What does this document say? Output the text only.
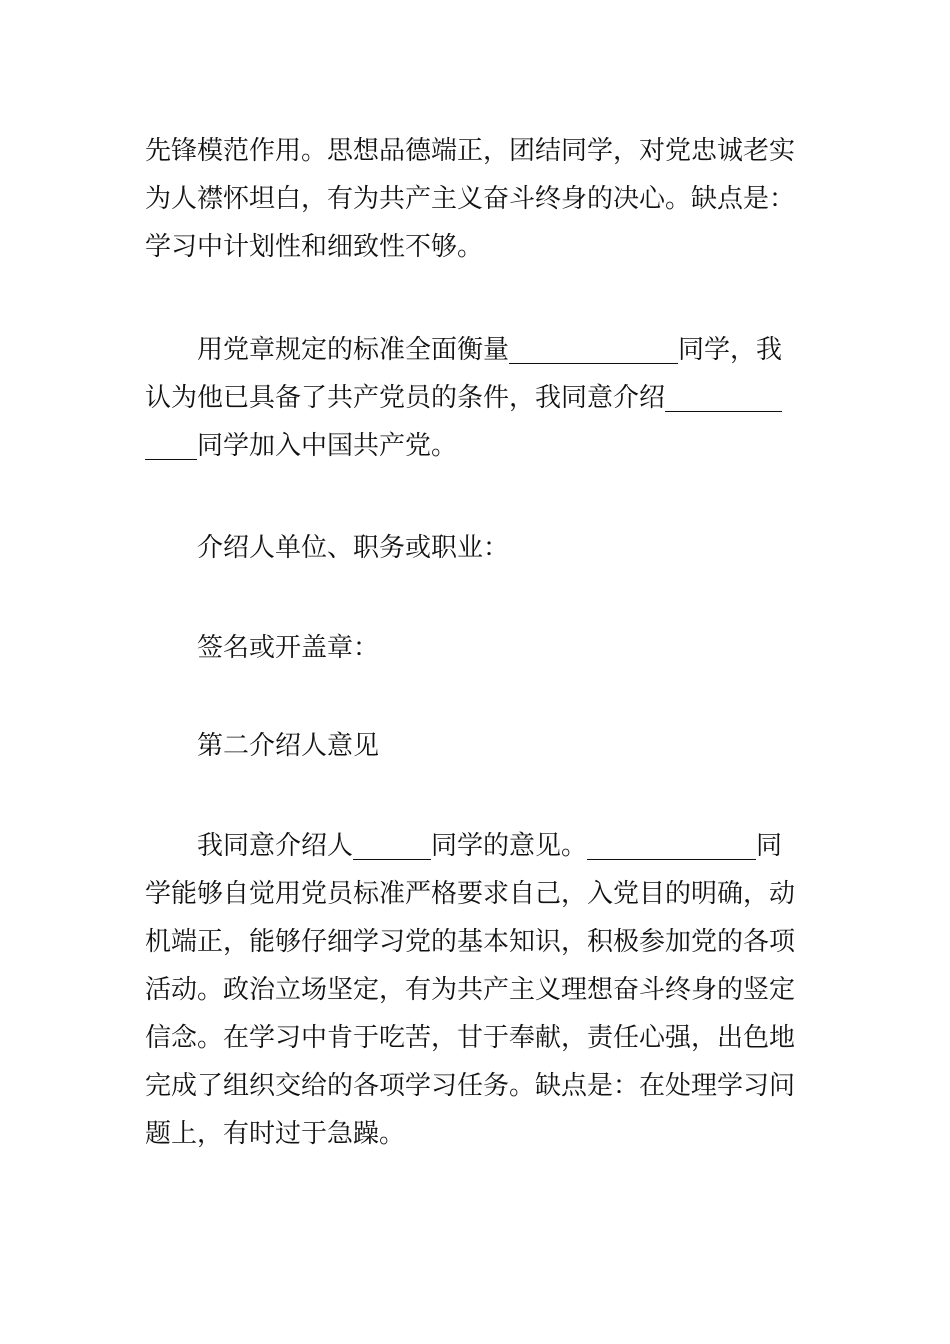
先锋模范作用。思想品德端正，团结同学，对党忠诚老实
为人襟怀坦白，有为共产主义奋斗终身的决心。缺点是：
学习中计划性和细致性不够。
用党章规定的标准全面衡量_____________同学，我
认为他已具备了共产党员的条件，我同意介绍_________
____同学加入中国共产党。
介绍人单位、职务或职业：
签名或开盖章：
第二介绍人意见
我同意介绍人______同学的意见。_____________同
学能够自觉用党员标准严格要求自己，入党目的明确，动
机端正，能够仔细学习党的基本知识，积极参加党的各项
活动。政治立场坚定，有为共产主义理想奋斗终身的竖定
信念。在学习中肯于吃苦，甘于奉献，责任心强，出色地
完成了组织交给的各项学习任务。缺点是：在处理学习问
题上，有时过于急躁。
